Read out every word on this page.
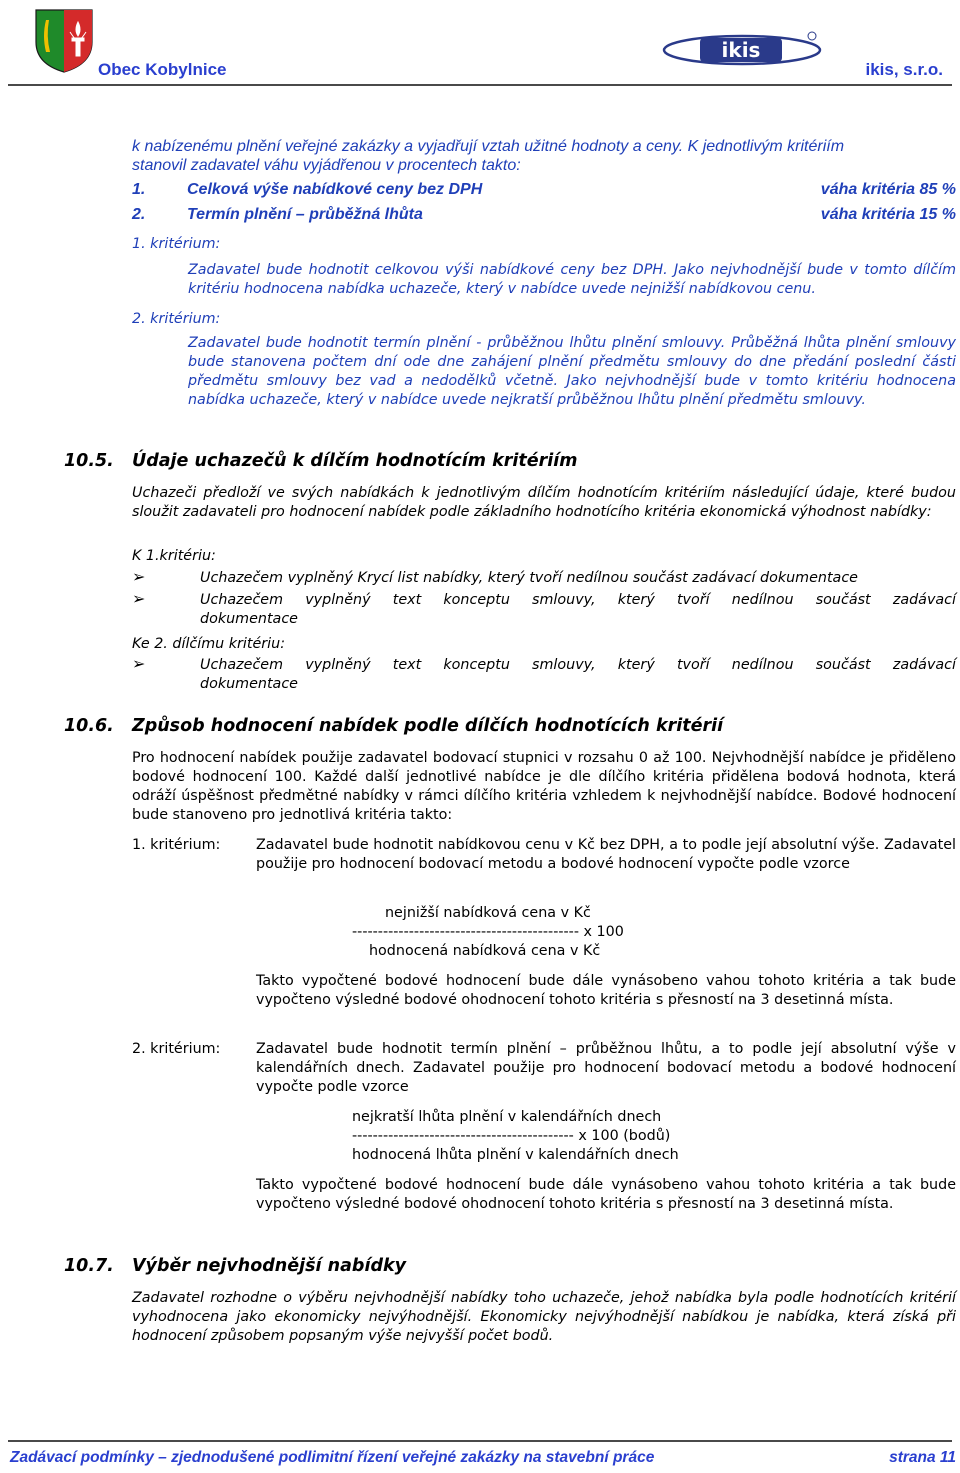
Obec Kobylnice
ikis
ikis, s.r.o.
k nabízenému plnění veřejné zakázky a vyjadřují vztah užitné hodnoty a ceny. K jednotlivým kritériím
stanovil zadavatel váhu vyjádřenou v procentech takto:
1.	Celková výše nabídkové ceny bez DPH	váha kritéria 85 %
2.	Termín plnění – průběžná lhůta	váha kritéria 15 %
1. kritérium:
Zadavatel bude hodnotit celkovou výši nabídkové ceny bez DPH. Jako nejvhodnější bude v tomto dílčím kritériu hodnocena nabídka uchazeče, který v nabídce uvede nejnižší nabídkovou cenu.
2. kritérium:
Zadavatel bude hodnotit termín plnění - průběžnou lhůtu plnění smlouvy. Průběžná lhůta plnění smlouvy bude stanovena počtem dní ode dne zahájení plnění předmětu smlouvy do dne předání poslední části předmětu smlouvy bez vad a nedodělků včetně. Jako nejvhodnější bude v tomto kritériu hodnocena nabídka uchazeče, který v nabídce uvede nejkratší průběžnou lhůtu plnění předmětu smlouvy.
10.5. Údaje uchazečů k dílčím hodnotícím kritériím
Uchazeči předloží ve svých nabídkách k jednotlivým dílčím hodnotícím kritériím následující údaje, které budou sloužit zadavateli pro hodnocení nabídek podle základního hodnotícího kritéria ekonomická výhodnost nabídky:
K 1.kritériu:
➢	Uchazečem vyplněný Krycí list nabídky, který tvoří nedílnou součást zadávací dokumentace
➢	Uchazečem vyplněný text konceptu smlouvy, který tvoří nedílnou součást zadávací
dokumentace
Ke 2. dílčímu kritériu:
➢	Uchazečem vyplněný text konceptu smlouvy, který tvoří nedílnou součást zadávací
dokumentace
10.6. Způsob hodnocení nabídek podle dílčích hodnotících kritérií
Pro hodnocení nabídek použije zadavatel bodovací stupnici v rozsahu 0 až 100. Nejvhodnější nabídce je přiděleno bodové hodnocení 100. Každé další jednotlivé nabídce je dle dílčího kritéria přidělena bodová hodnota, která odráží úspěšnost předmětné nabídky v rámci dílčího kritéria vzhledem k nejvhodnější nabídce. Bodové hodnocení bude stanoveno pro jednotlivá kritéria takto:
1. kritérium: Zadavatel bude hodnotit nabídkovou cenu v Kč bez DPH, a to podle její absolutní výše. Zadavatel použije pro hodnocení bodovací metodu a bodové hodnocení vypočte podle vzorce
nejnižší nabídková cena v Kč
-------------------------------------------- x 100
hodnocená nabídková cena v Kč
Takto vypočtené bodové hodnocení bude dále vynásobeno vahou tohoto kritéria a tak bude vypočteno výsledné bodové ohodnocení tohoto kritéria s přesností na 3 desetinná místa.
2. kritérium: Zadavatel bude hodnotit termín plnění – průběžnou lhůtu, a to podle její absolutní výše v kalendářních dnech. Zadavatel použije pro hodnocení bodovací metodu a bodové hodnocení vypočte podle vzorce
nejkratší lhůta plnění v kalendářních dnech
------------------------------------------- x 100 (bodů)
hodnocená lhůta plnění v kalendářních dnech
Takto vypočtené bodové hodnocení bude dále vynásobeno vahou tohoto kritéria a tak bude vypočteno výsledné bodové ohodnocení tohoto kritéria s přesností na 3 desetinná místa.
10.7. Výběr nejvhodnější nabídky
Zadavatel rozhodne o výběru nejvhodnější nabídky toho uchazeče, jehož nabídka byla podle hodnotících kritérií vyhodnocena jako ekonomicky nejvýhodnější. Ekonomicky nejvýhodnější nabídkou je nabídka, která získá při hodnocení způsobem popsaným výše nejvyšší počet bodů.
Zadávací podmínky – zjednodušené podlimitní řízení veřejné zakázky na stavební práce	strana 11
